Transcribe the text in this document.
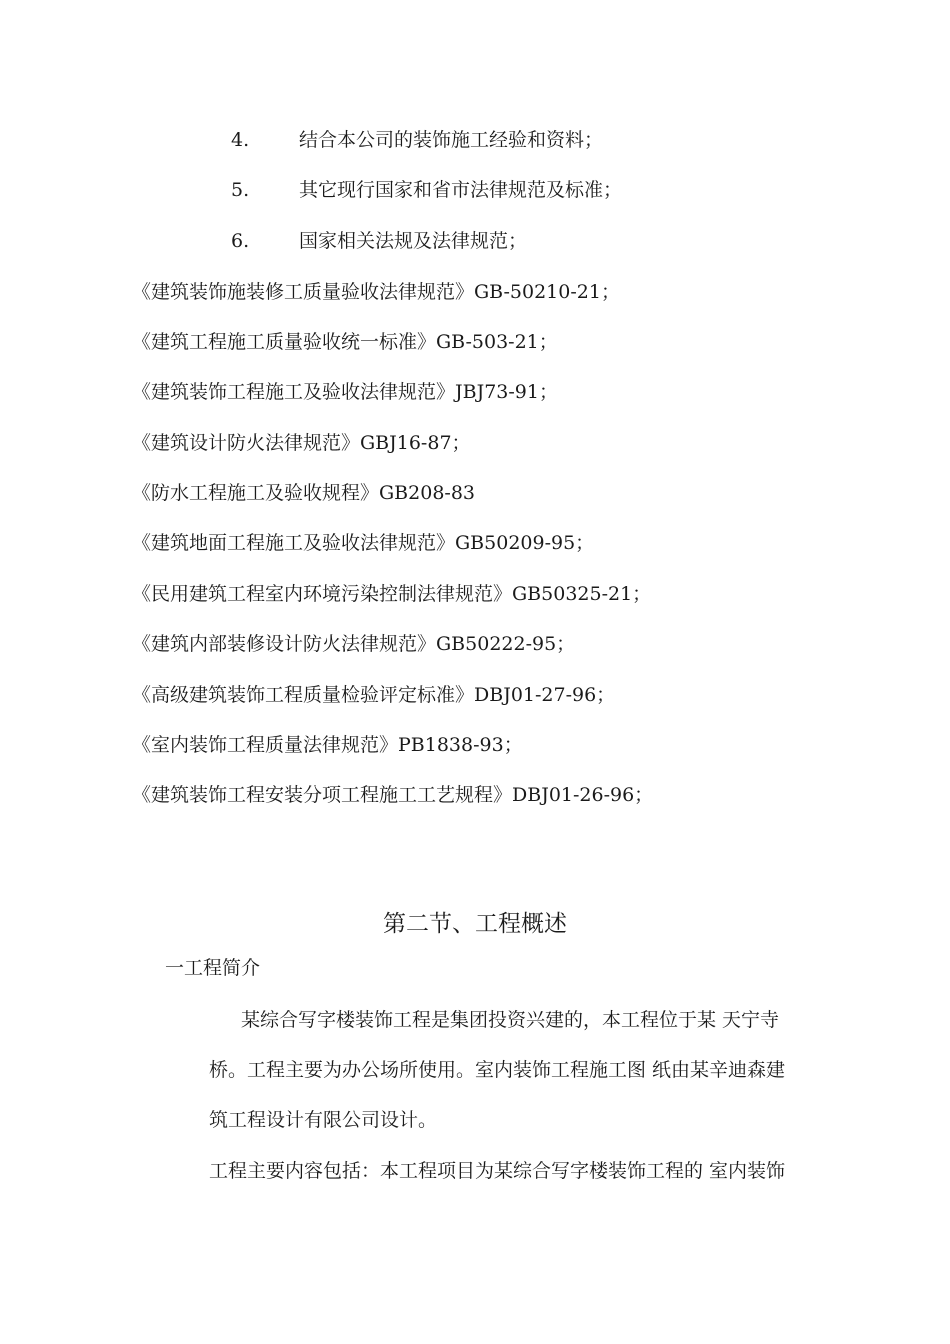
4.	结合本公司的装饰施工经验和资料；
5.	其它现行国家和省市法律规范及标准；
6.	国家相关法规及法律规范；
《建筑装饰施装修工质量验收法律规范》GB-50210-21；
《建筑工程施工质量验收统一标准》GB-503-21；
《建筑装饰工程施工及验收法律规范》JBJ73-91；
《建筑设计防火法律规范》GBJ16-87；
《防水工程施工及验收规程》GB208-83
《建筑地面工程施工及验收法律规范》GB50209-95；
《民用建筑工程室内环境污染控制法律规范》GB50325-21；
《建筑内部装修设计防火法律规范》GB50222-95；
《高级建筑装饰工程质量检验评定标准》DBJ01-27-96；
《室内装饰工程质量法律规范》PB1838-93；
《建筑装饰工程安装分项工程施工工艺规程》DBJ01-26-96；
第二节、工程概述
一工程简介
某综合写字楼装饰工程是集团投资兴建的，本工程位于某 天宁寺
桥。工程主要为办公场所使用。室内装饰工程施工图 纸由某辛迪森建
筑工程设计有限公司设计。
工程主要内容包括：本工程项目为某综合写字楼装饰工程的 室内装饰
